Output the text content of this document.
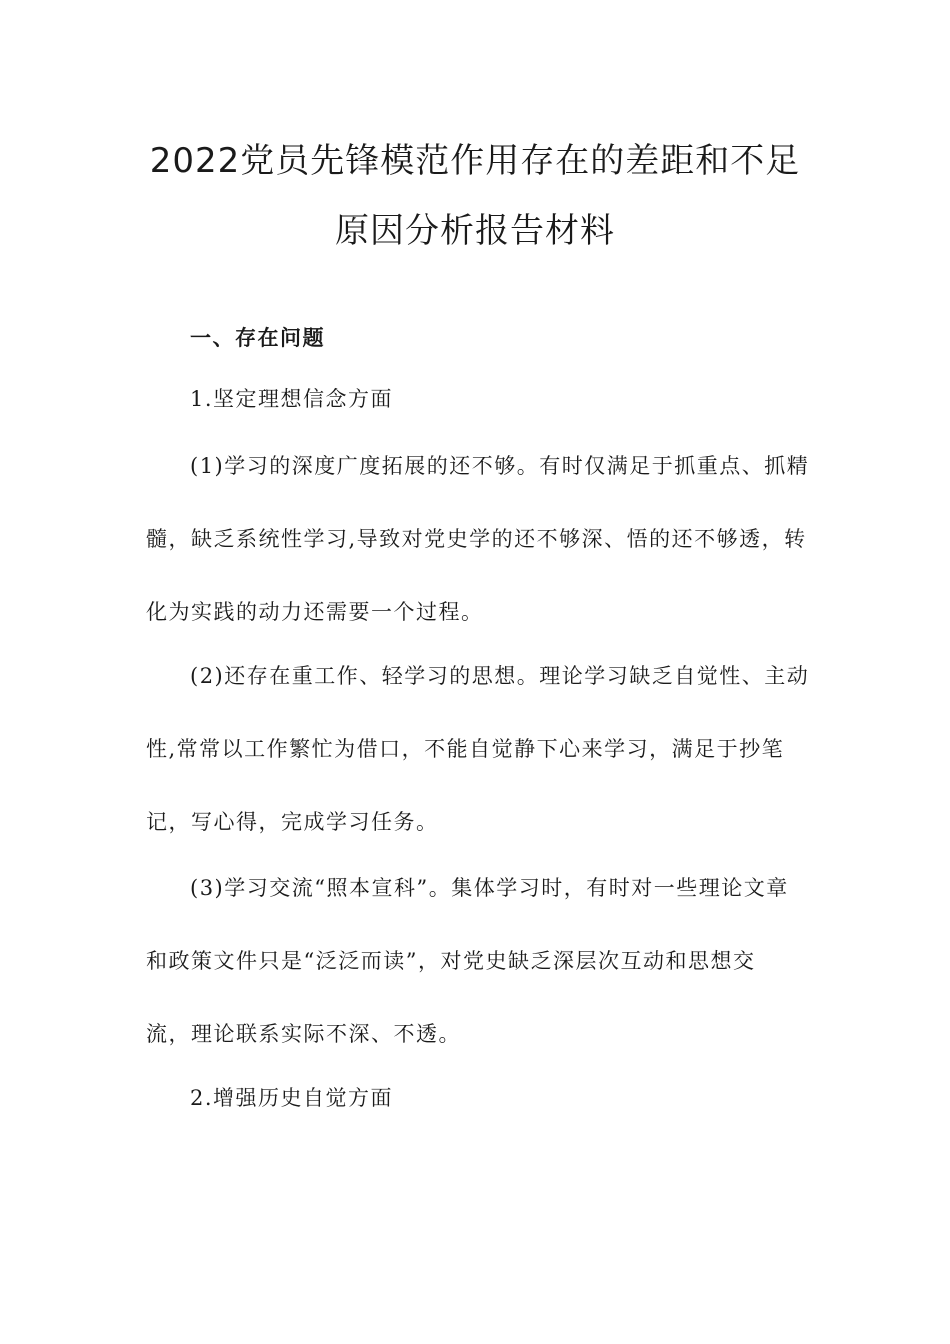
2022党员先锋模范作用存在的差距和不足
原因分析报告材料
一、存在问题
1.坚定理想信念方面
(1)学习的深度广度拓展的还不够。有时仅满足于抓重点、抓精
髓，缺乏系统性学习,导致对党史学的还不够深、悟的还不够透，转
化为实践的动力还需要一个过程。
(2)还存在重工作、轻学习的思想。理论学习缺乏自觉性、主动
性,常常以工作繁忙为借口，不能自觉静下心来学习，满足于抄笔
记，写心得，完成学习任务。
(3)学习交流“照本宣科”。集体学习时，有时对一些理论文章
和政策文件只是“泛泛而读”，对党史缺乏深层次互动和思想交
流，理论联系实际不深、不透。
2.增强历史自觉方面
